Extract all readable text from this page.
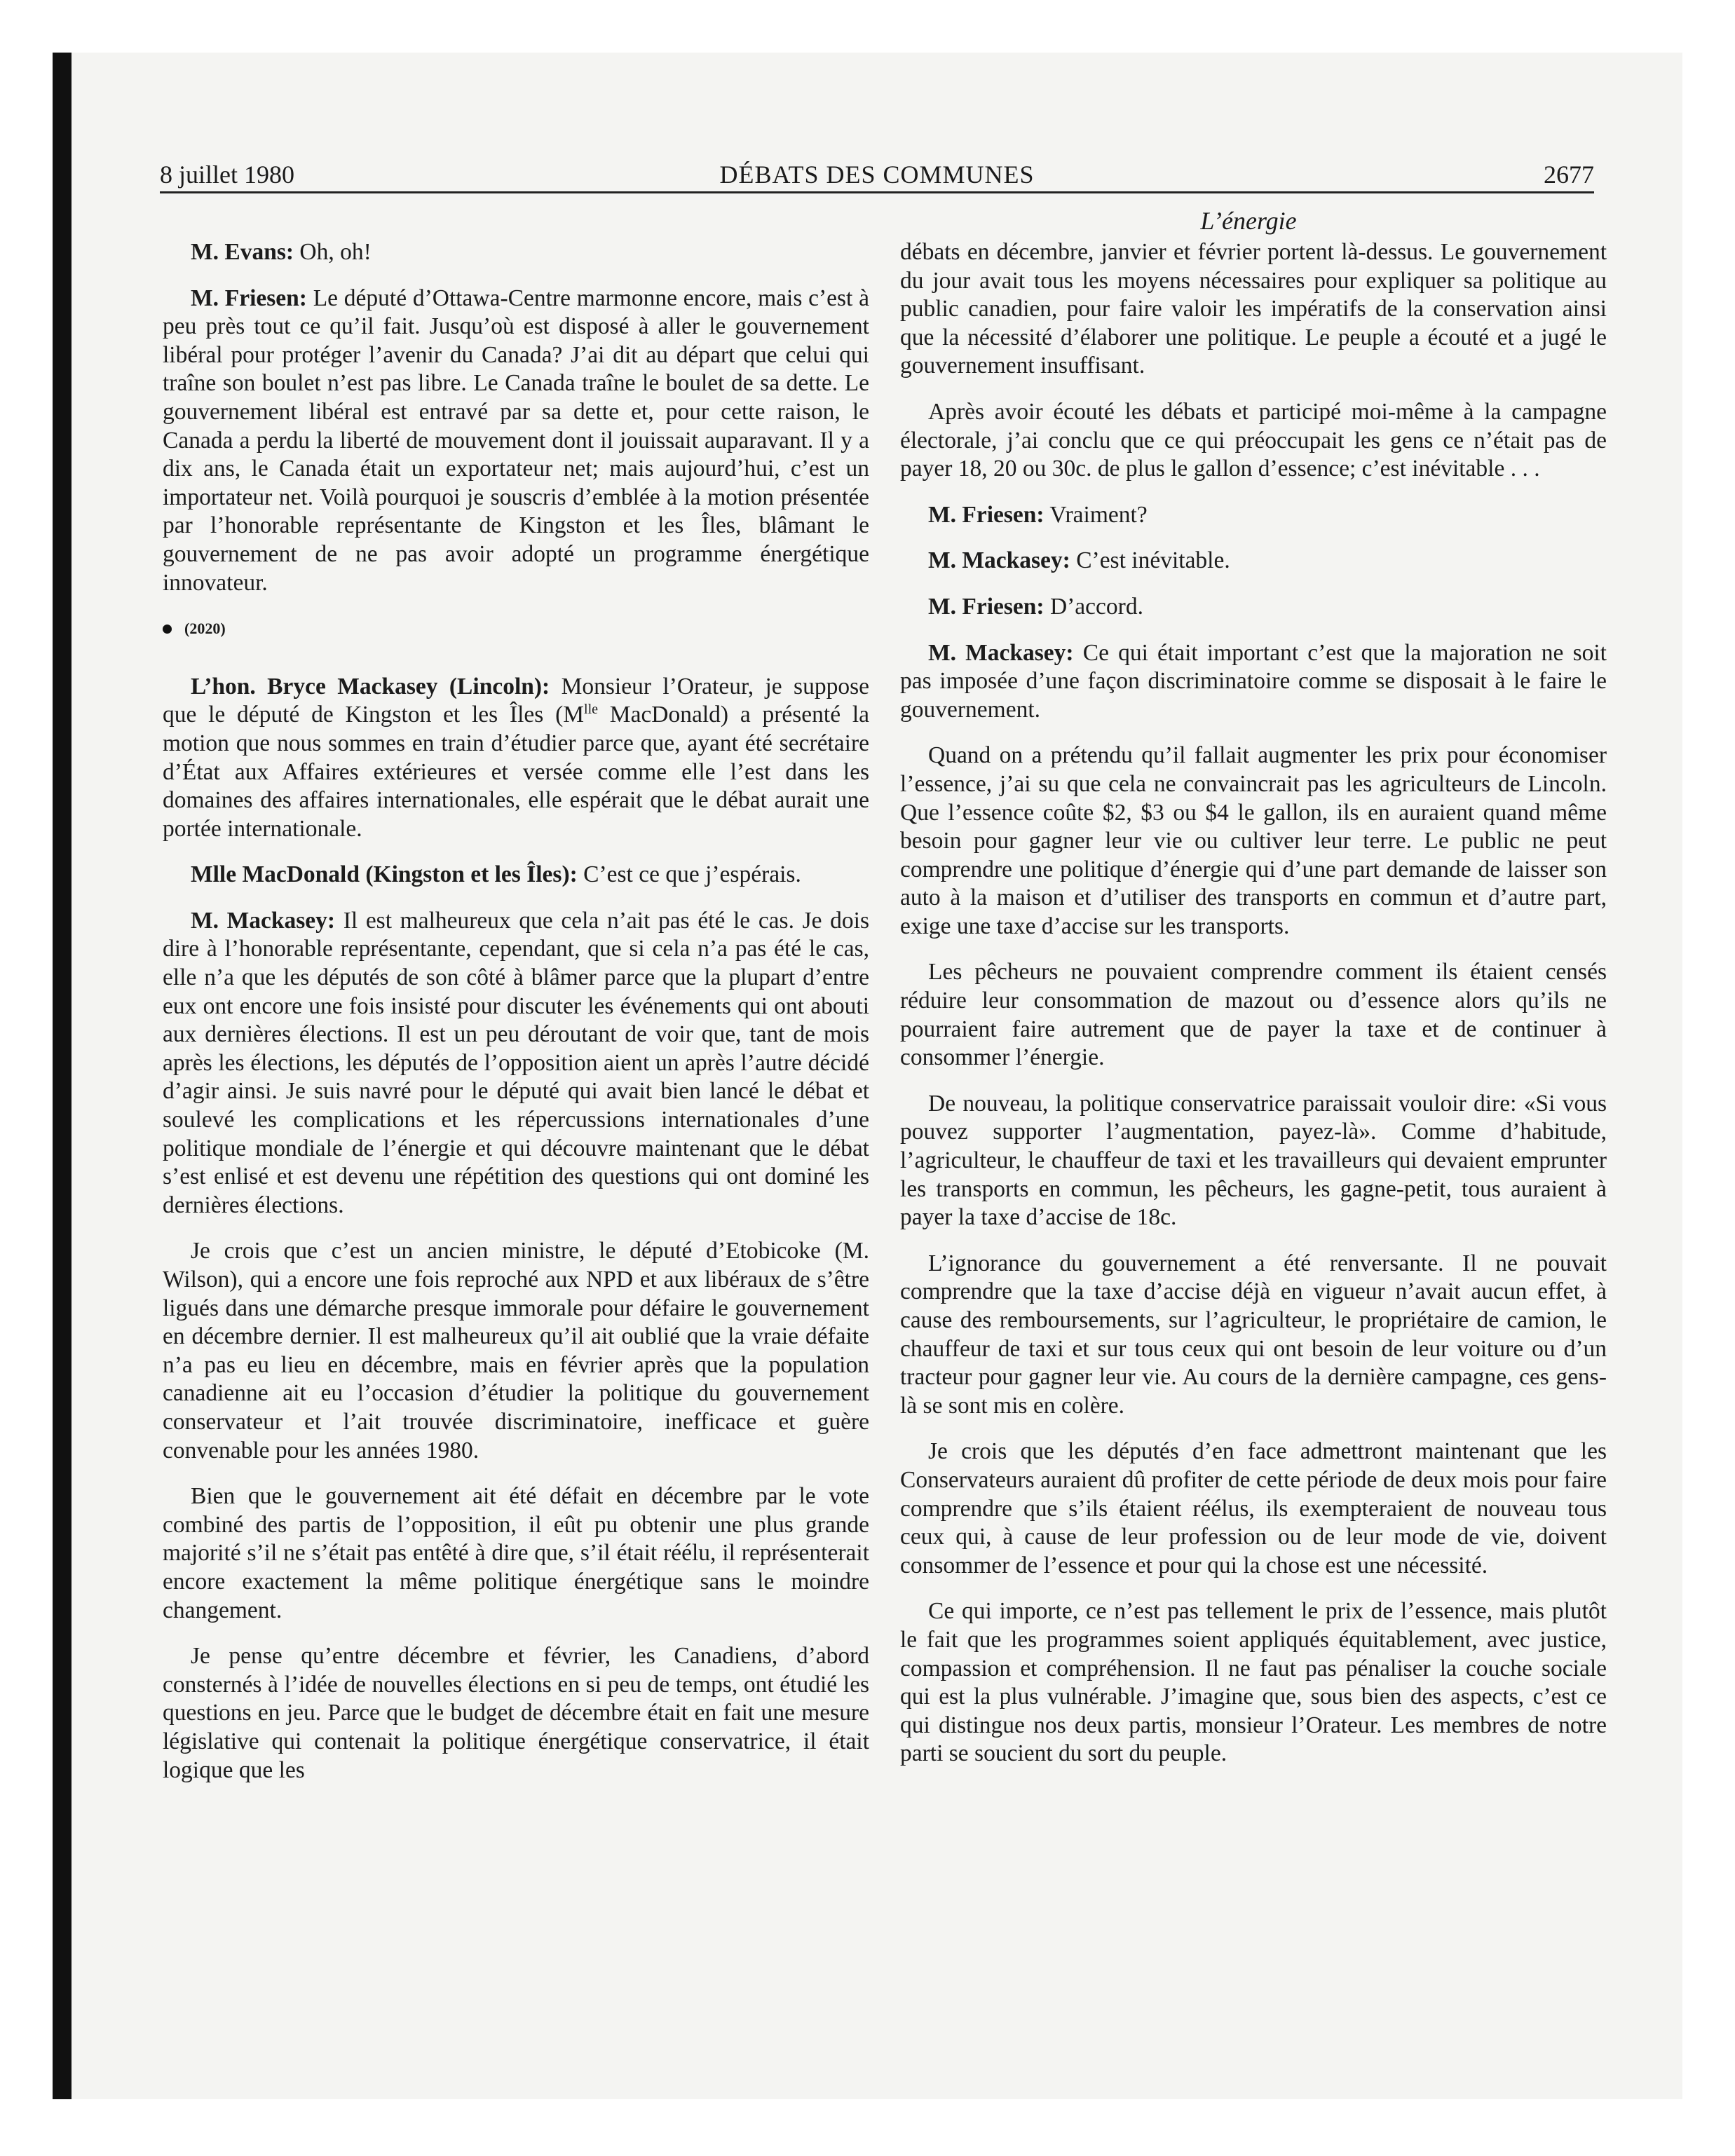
8 juillet 1980	DÉBATS DES COMMUNES	2677
L’énergie

M. Evans: Oh, oh!

M. Friesen: Le député d’Ottawa-Centre marmonne encore, mais c’est à peu près tout ce qu’il fait. Jusqu’où est disposé à aller le gouvernement libéral pour protéger l’avenir du Canada? J’ai dit au départ que celui qui traîne son boulet n’est pas libre. Le Canada traîne le boulet de sa dette. Le gouvernement libéral est entravé par sa dette et, pour cette raison, le Canada a perdu la liberté de mouvement dont il jouissait auparavant. Il y a dix ans, le Canada était un exportateur net; mais aujourd’hui, c’est un importateur net. Voilà pourquoi je souscris d’emblée à la motion présentée par l’honorable représentante de Kingston et les Îles, blâmant le gouvernement de ne pas avoir adopté un programme énergétique innovateur.

(2020)

L’hon. Bryce Mackasey (Lincoln): Monsieur l’Orateur, je suppose que le député de Kingston et les Îles ($M^{lle}$ MacDonald) a présenté la motion que nous sommes en train d’étudier parce que, ayant été secrétaire d’État aux Affaires extérieures et versée comme elle l’est dans les domaines des affaires internationales, elle espérait que le débat aurait une portée internationale.

Mlle MacDonald (Kingston et les Îles): C’est ce que j’espérais.

M. Mackasey: Il est malheureux que cela n’ait pas été le cas. Je dois dire à l’honorable représentante, cependant, que si cela n’a pas été le cas, elle n’a que les députés de son côté à blâmer parce que la plupart d’entre eux ont encore une fois insisté pour discuter les événements qui ont abouti aux dernières élections. Il est un peu déroutant de voir que, tant de mois après les élections, les députés de l’opposition aient un après l’autre décidé d’agir ainsi. Je suis navré pour le député qui avait bien lancé le débat et soulevé les complications et les répercussions internationales d’une politique mondiale de l’énergie et qui découvre maintenant que le débat s’est enlisé et est devenu une répétition des questions qui ont dominé les dernières élections.

Je crois que c’est un ancien ministre, le député d’Etobicoke (M. Wilson), qui a encore une fois reproché aux NPD et aux libéraux de s’être ligués dans une démarche presque immorale pour défaire le gouvernement en décembre dernier. Il est malheureux qu’il ait oublié que la vraie défaite n’a pas eu lieu en décembre, mais en février après que la population canadienne ait eu l’occasion d’étudier la politique du gouvernement conservateur et l’ait trouvée discriminatoire, inefficace et guère convenable pour les années 1980.

Bien que le gouvernement ait été défait en décembre par le vote combiné des partis de l’opposition, il eût pu obtenir une plus grande majorité s’il ne s’était pas entêté à dire que, s’il était réélu, il représenterait encore exactement la même politique énergétique sans le moindre changement.

Je pense qu’entre décembre et février, les Canadiens, d’abord consternés à l’idée de nouvelles élections en si peu de temps, ont étudié les questions en jeu. Parce que le budget de décembre était en fait une mesure législative qui contenait la politique énergétique conservatrice, il était logique que les

débats en décembre, janvier et février portent là-dessus. Le gouvernement du jour avait tous les moyens nécessaires pour expliquer sa politique au public canadien, pour faire valoir les impératifs de la conservation ainsi que la nécessité d’élaborer une politique. Le peuple a écouté et a jugé le gouvernement insuffisant.

Après avoir écouté les débats et participé moi-même à la campagne électorale, j’ai conclu que ce qui préoccupait les gens ce n’était pas de payer 18, 20 ou 30c. de plus le gallon d’essence; c’est inévitable . . .

M. Friesen: Vraiment?

M. Mackasey: C’est inévitable.

M. Friesen: D’accord.

M. Mackasey: Ce qui était important c’est que la majoration ne soit pas imposée d’une façon discriminatoire comme se disposait à le faire le gouvernement.

Quand on a prétendu qu’il fallait augmenter les prix pour économiser l’essence, j’ai su que cela ne convaincrait pas les agriculteurs de Lincoln. Que l’essence coûte $2, $3 ou $4 le gallon, ils en auraient quand même besoin pour gagner leur vie ou cultiver leur terre. Le public ne peut comprendre une politique d’énergie qui d’une part demande de laisser son auto à la maison et d’utiliser des transports en commun et d’autre part, exige une taxe d’accise sur les transports.

Les pêcheurs ne pouvaient comprendre comment ils étaient censés réduire leur consommation de mazout ou d’essence alors qu’ils ne pourraient faire autrement que de payer la taxe et de continuer à consommer l’énergie.

De nouveau, la politique conservatrice paraissait vouloir dire: «Si vous pouvez supporter l’augmentation, payez-là». Comme d’habitude, l’agriculteur, le chauffeur de taxi et les travailleurs qui devaient emprunter les transports en commun, les pêcheurs, les gagne-petit, tous auraient à payer la taxe d’accise de 18c.

L’ignorance du gouvernement a été renversante. Il ne pouvait comprendre que la taxe d’accise déjà en vigueur n’avait aucun effet, à cause des remboursements, sur l’agriculteur, le propriétaire de camion, le chauffeur de taxi et sur tous ceux qui ont besoin de leur voiture ou d’un tracteur pour gagner leur vie. Au cours de la dernière campagne, ces gens-là se sont mis en colère.

Je crois que les députés d’en face admettront maintenant que les Conservateurs auraient dû profiter de cette période de deux mois pour faire comprendre que s’ils étaient réélus, ils exempteraient de nouveau tous ceux qui, à cause de leur profession ou de leur mode de vie, doivent consommer de l’essence et pour qui la chose est une nécessité.

Ce qui importe, ce n’est pas tellement le prix de l’essence, mais plutôt le fait que les programmes soient appliqués équitablement, avec justice, compassion et compréhension. Il ne faut pas pénaliser la couche sociale qui est la plus vulnérable. J’imagine que, sous bien des aspects, c’est ce qui distingue nos deux partis, monsieur l’Orateur. Les membres de notre parti se soucient du sort du peuple.
